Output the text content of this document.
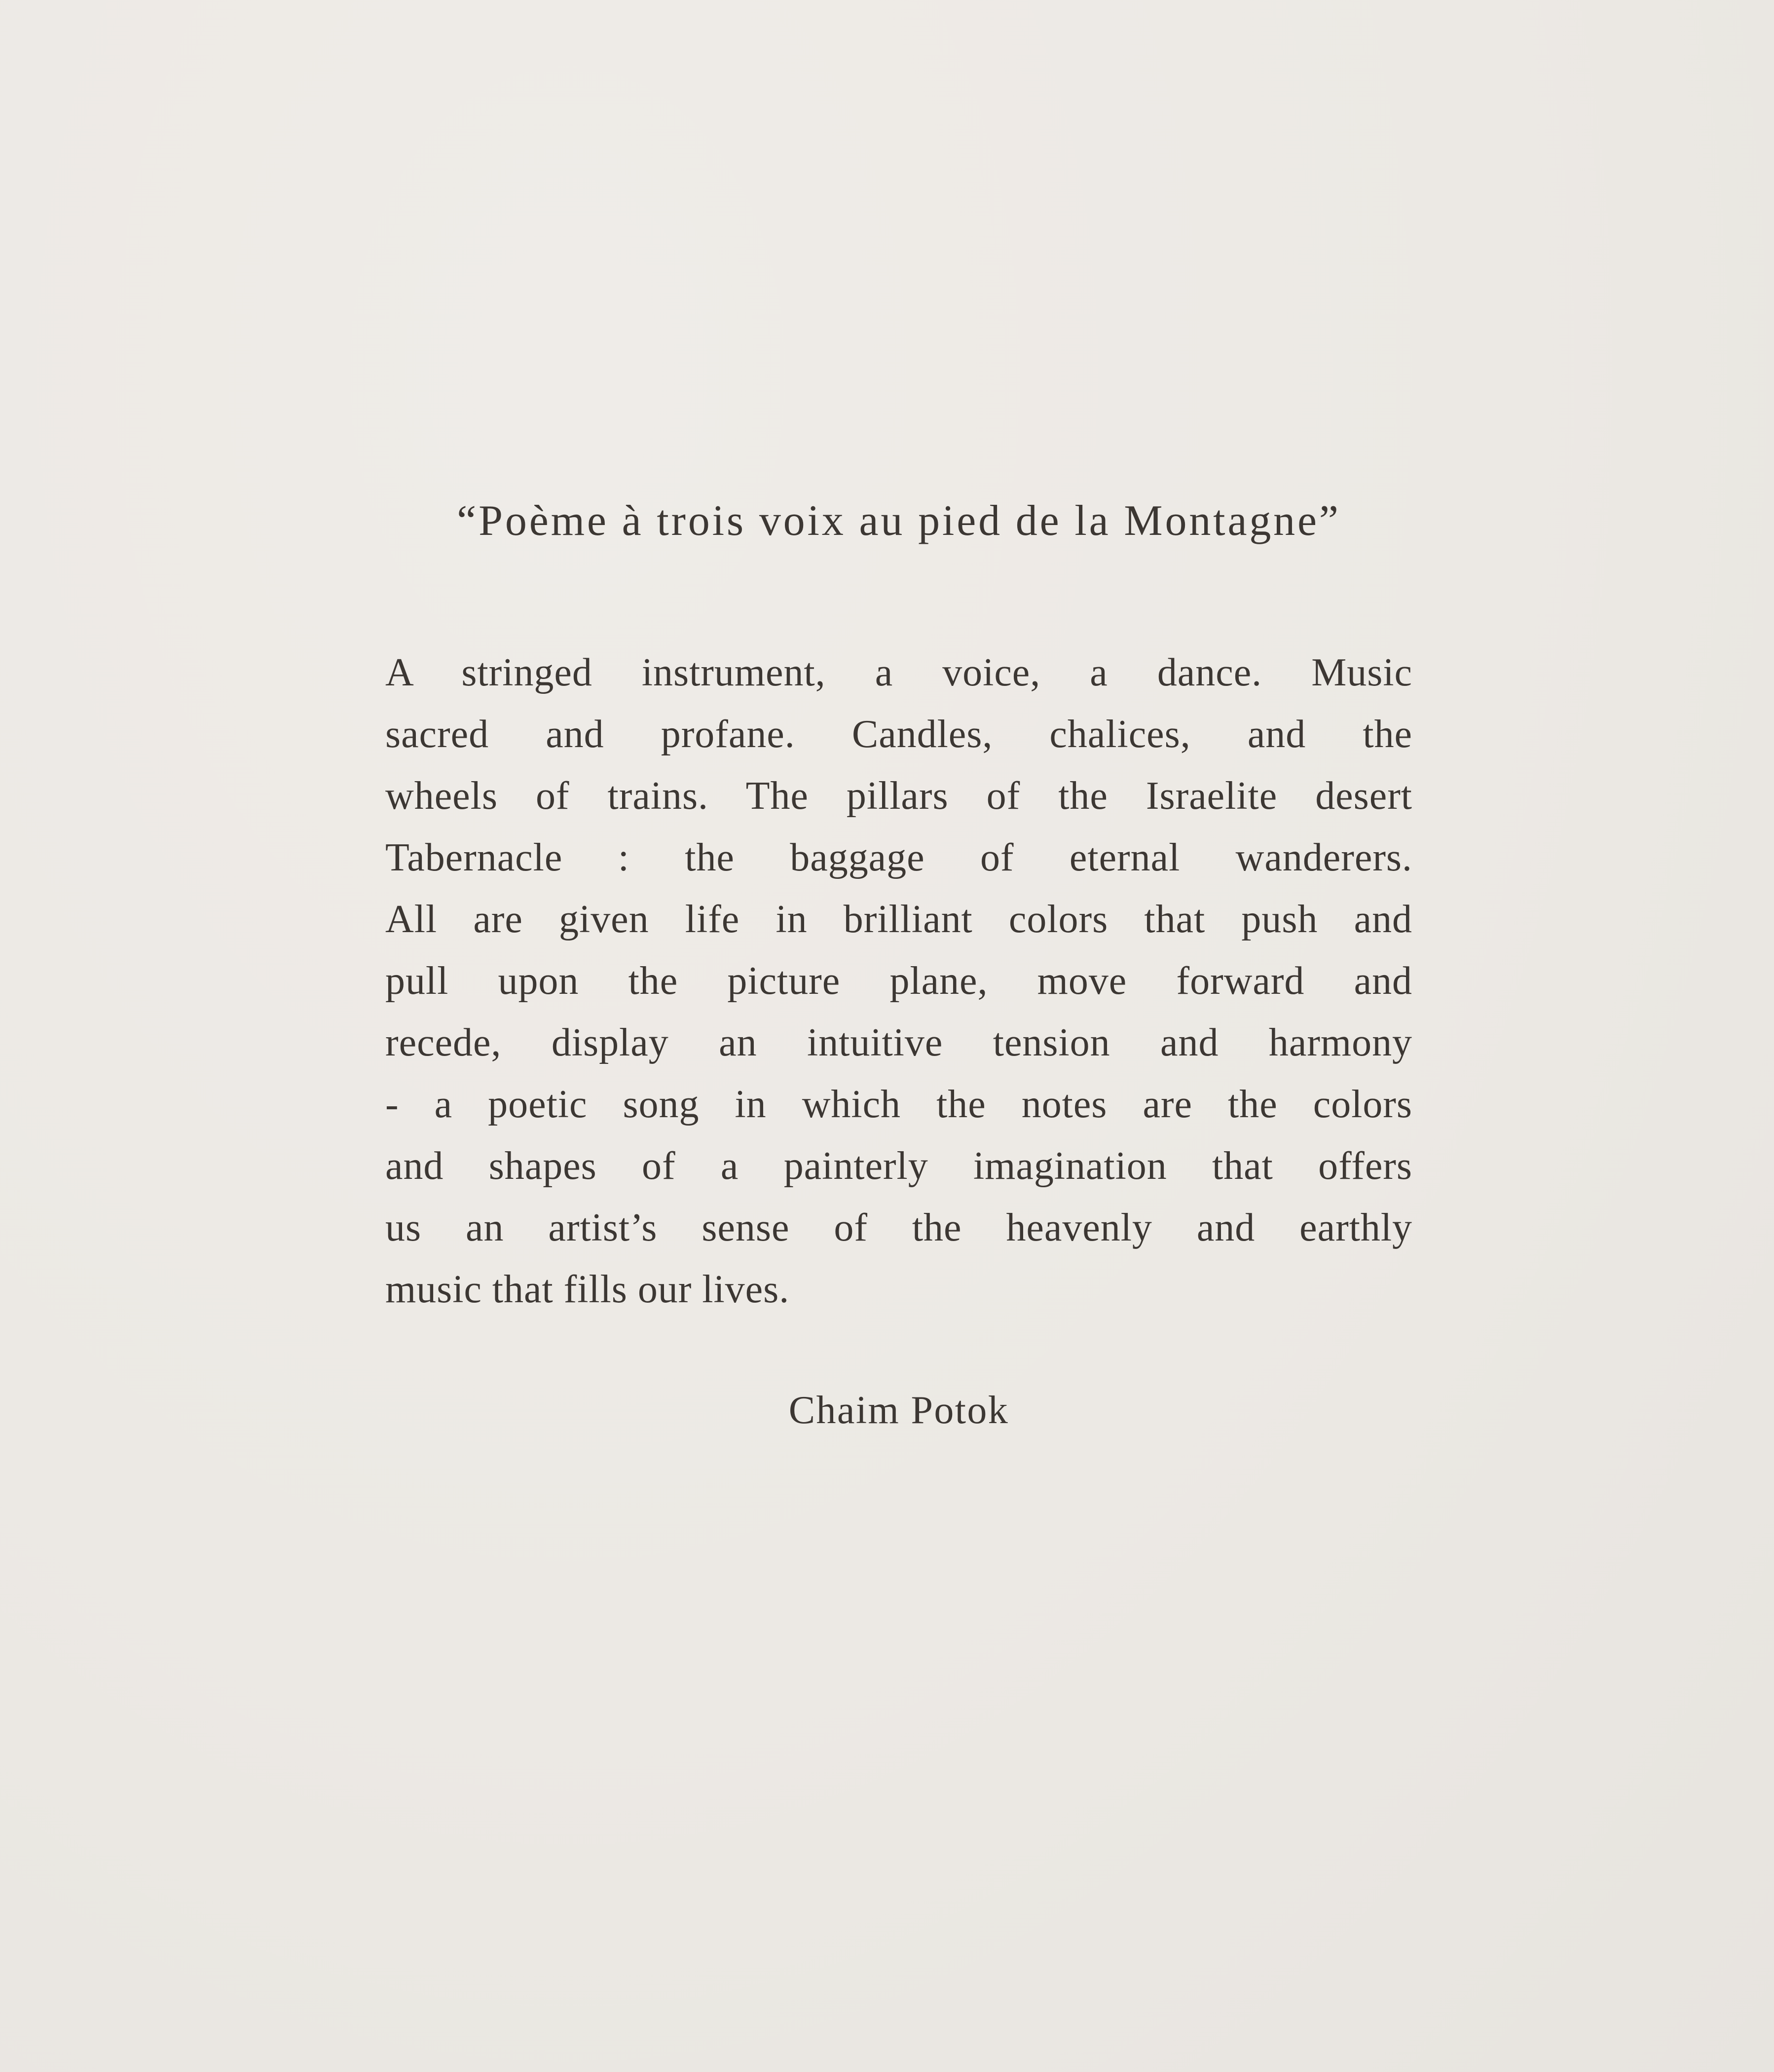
“Poème à trois voix au pied de la Montagne”
A stringed instrument, a voice, a dance. Music
sacred and profane. Candles, chalices, and the
wheels of trains. The pillars of the Israelite desert
Tabernacle : the baggage of eternal wanderers.
All are given life in brilliant colors that push and
pull upon the picture plane, move forward and
recede, display an intuitive tension and harmony
- a poetic song in which the notes are the colors
and shapes of a painterly imagination that offers
us an artist’s sense of the heavenly and earthly
music that fills our lives.
Chaim Potok
